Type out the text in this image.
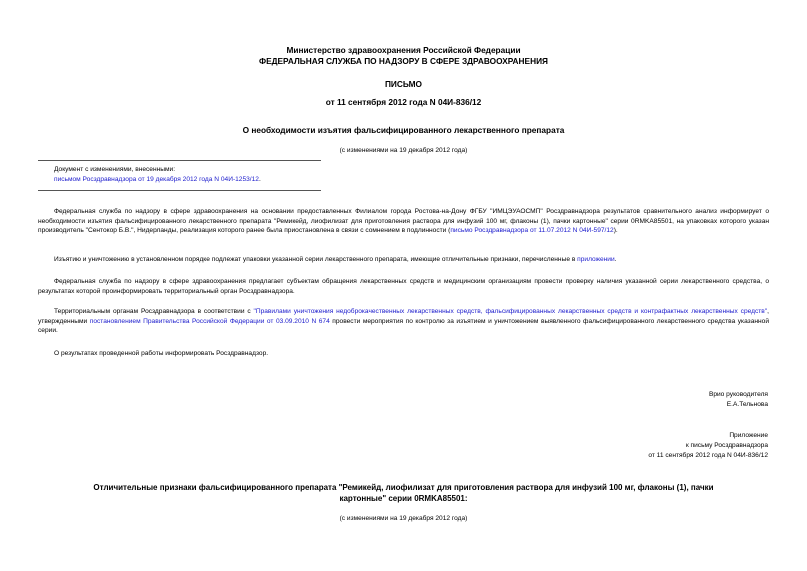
Министерство здравоохранения Российской Федерации
ФЕДЕРАЛЬНАЯ СЛУЖБА ПО НАДЗОРУ В СФЕРЕ ЗДРАВООХРАНЕНИЯ
ПИСЬМО
от 11 сентября 2012 года N 04И-836/12
О необходимости изъятия фальсифицированного лекарственного препарата
(с изменениями на 19 декабря 2012 года)
Документ с изменениями, внесенными:
письмом Росздравнадзора от 19 декабря 2012 года N 04И-1253/12.
Федеральная служба по надзору в сфере здравоохранения на основании предоставленных Филиалом города Ростова-на-Дону ФГБУ "ИМЦЭУАОСМП" Росздравнадзора результатов сравнительного анализ информирует о необходимости изъятия фальсифицированного лекарственного препарата "Ремикейд, лиофилизат для приготовления раствора для инфузий 100 мг, флаконы (1), пачки картонные" серии 0RMKA85501, на упаковках которого указан производитель "Сентокор Б.В.", Нидерланды, реализация которого ранее была приостановлена в связи с сомнением в подлинности (письмо Росздравнадзора от 11.07.2012 N 04И-597/12).
Изъятию и уничтожению в установленном порядке подлежат упаковки указанной серии лекарственного препарата, имеющие отличительные признаки, перечисленные в приложении.
Федеральная служба по надзору в сфере здравоохранения предлагает субъектам обращения лекарственных средств и медицинским организациям провести проверку наличия указанной серии лекарственного средства, о результатах которой проинформировать территориальный орган Росздравнадзора.
Территориальным органам Росздравнадзора в соответствии с "Правилами уничтожения недоброкачественных лекарственных средств, фальсифицированных лекарственных средств и контрафактных лекарственных средств", утвержденными постановлением Правительства Российской Федерации от 03.09.2010 N 674 провести мероприятия по контролю за изъятием и уничтожением выявленного фальсифицированного лекарственного средства указанной серии.
О результатах проведенной работы информировать Росздравнадзор.
Врио руководителя
Е.А.Тельнова
Приложение
к письму Росздравнадзора
от 11 сентября 2012 года N 04И-836/12
Отличительные признаки фальсифицированного препарата "Ремикейд, лиофилизат для приготовления раствора для инфузий 100 мг, флаконы (1), пачки
картонные" серии 0RMKA85501:
(с изменениями на 19 декабря 2012 года)
